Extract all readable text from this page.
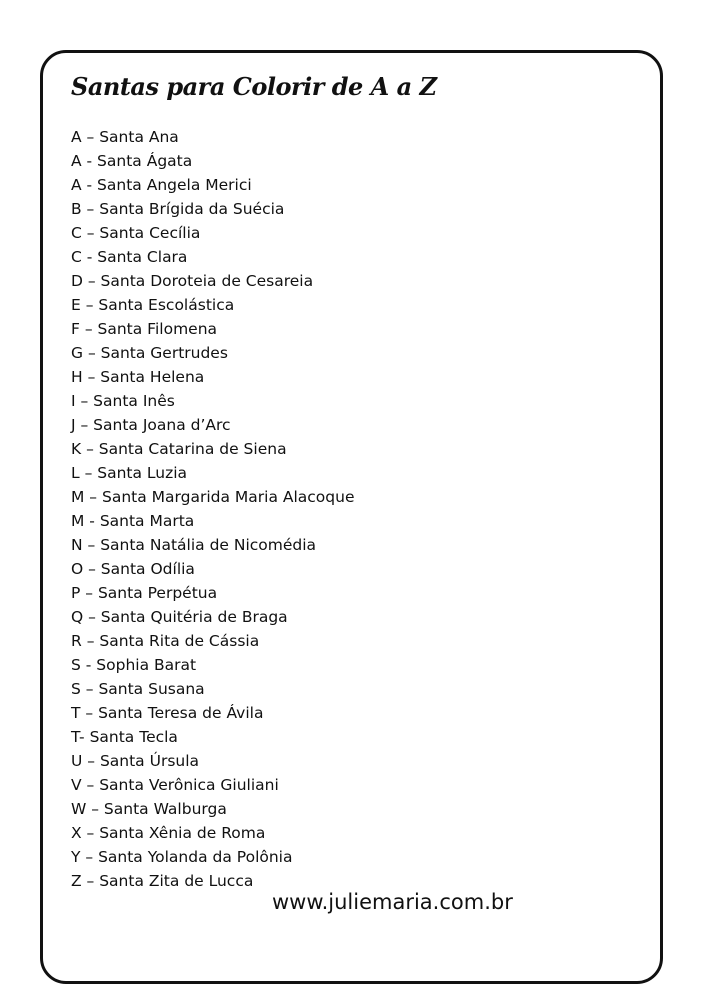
Santas para Colorir de A a Z
A – Santa Ana
A - Santa Ágata
A - Santa Angela Merici
B – Santa Brígida da Suécia
C – Santa Cecília
C - Santa Clara
D – Santa Doroteia de Cesareia
E – Santa Escolástica
F – Santa Filomena
G – Santa Gertrudes
H – Santa Helena
I – Santa Inês
J – Santa Joana d’Arc
K – Santa Catarina de Siena
L – Santa Luzia
M – Santa Margarida Maria Alacoque
M - Santa Marta
N – Santa Natália de Nicomédia
O – Santa Odília
P – Santa Perpétua
Q – Santa Quitéria de Braga
R – Santa Rita de Cássia
S - Sophia Barat
S – Santa Susana
T – Santa Teresa de Ávila
T- Santa Tecla
U – Santa Úrsula
V – Santa Verônica Giuliani
W – Santa Walburga
X – Santa Xênia de Roma
Y – Santa Yolanda da Polônia
Z – Santa Zita de Lucca
www.juliemaria.com.br
